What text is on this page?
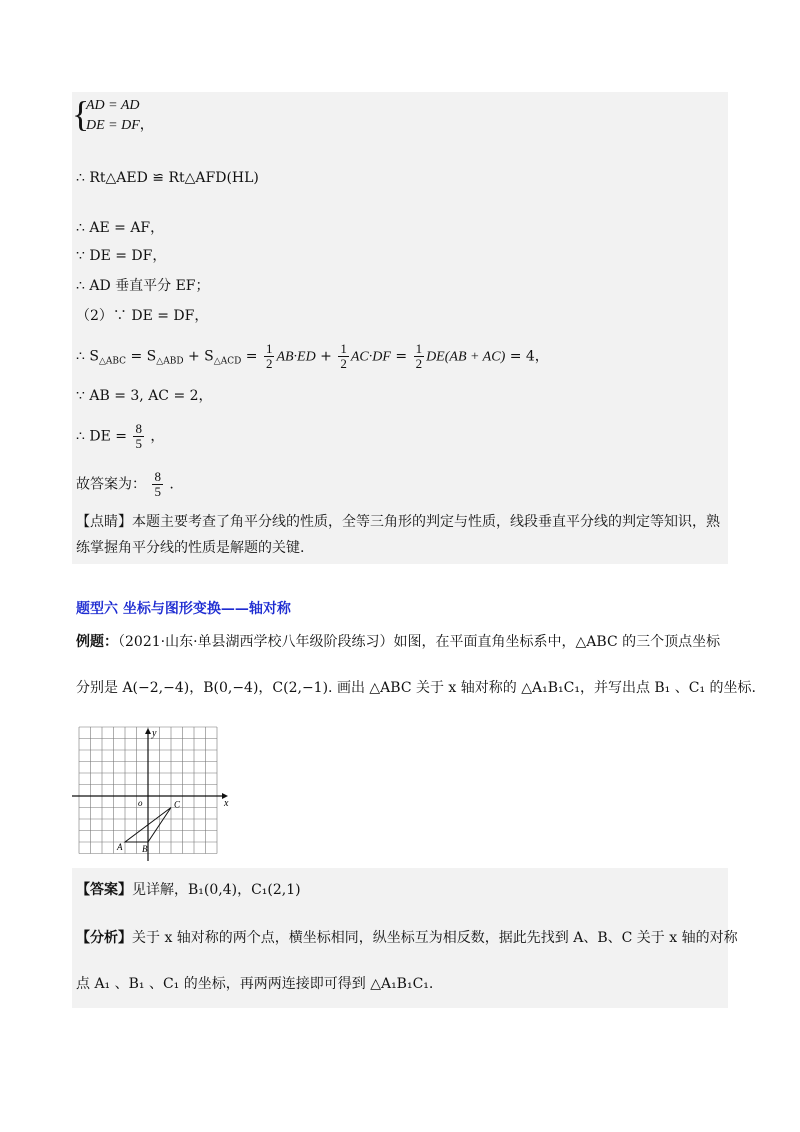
{
AD = AD
DE = DF，
∴ Rt△AED ≌ Rt△AFD(HL)
∴ AE = AF，
∵ DE = DF，
∴ AD 垂直平分 EF；
（2）∵ DE = DF，
∴ $S_{\triangle ABC} = S_{\triangle ABD} + S_{\triangle ACD} = \frac{1}{2} AB\cdot ED + \frac{1}{2} AC\cdot DF = \frac{1}{2} DE(AB + AC) = 4$，
∵ AB = 3, AC = 2，
∴ DE = $\frac{8}{5}$ ，
故答案为： $\frac{8}{5}$ .
【点睛】本题主要考查了角平分线的性质，全等三角形的判定与性质，线段垂直平分线的判定等知识，熟
练掌握角平分线的性质是解题的关键.
题型六 坐标与图形变换——轴对称
例题：（2021·山东·单县湖西学校八年级阶段练习）如图，在平面直角坐标系中，△ABC 的三个顶点坐标
分别是 A(−2,−4)，B(0,−4)，C(2,−1). 画出 △ABC 关于 x 轴对称的 △A₁B₁C₁，并写出点 B₁ 、C₁ 的坐标.
y
x
o
A B
C
【答案】见详解，B₁(0,4)，C₁(2,1)
【分析】关于 x 轴对称的两个点，横坐标相同，纵坐标互为相反数，据此先找到 A、B、C 关于 x 轴的对称
点 A₁ 、B₁ 、C₁ 的坐标，再两两连接即可得到 △A₁B₁C₁.
